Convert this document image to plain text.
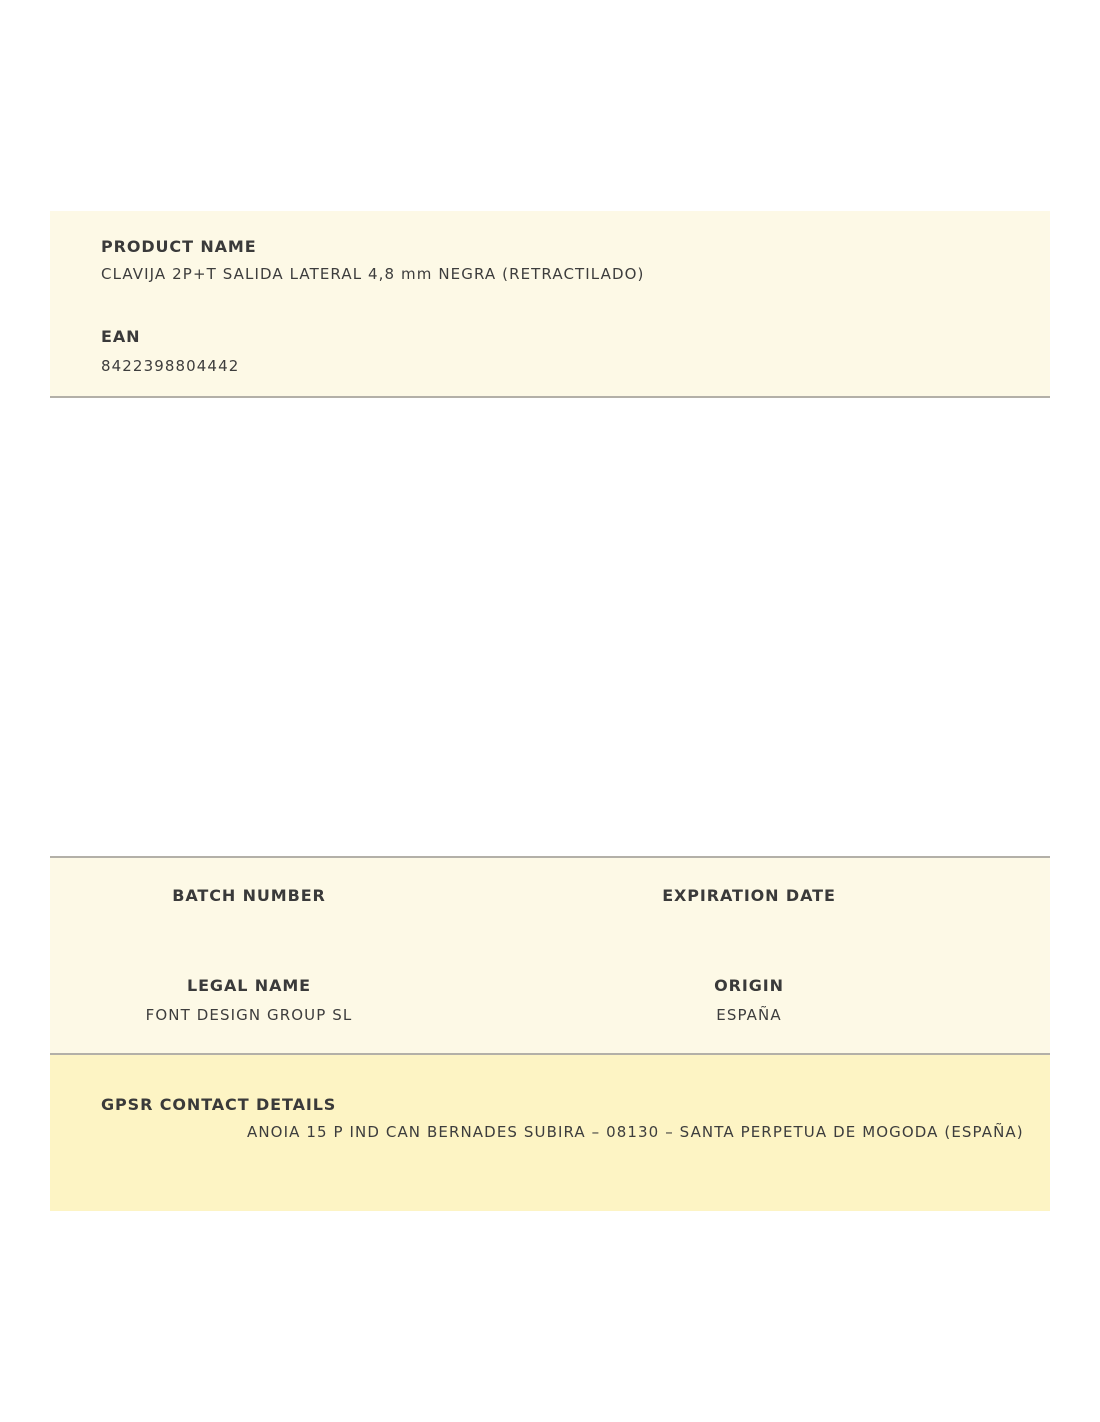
PRODUCT NAME
CLAVIJA 2P+T SALIDA LATERAL 4,8 mm NEGRA (RETRACTILADO)
EAN
8422398804442
BATCH NUMBER	EXPIRATION DATE
LEGAL NAME
FONT DESIGN GROUP SL
ORIGIN
ESPAÑA
GPSR CONTACT DETAILS
ANOIA 15 P IND CAN BERNADES SUBIRA – 08130 – SANTA PERPETUA DE MOGODA (ESPAÑA)
